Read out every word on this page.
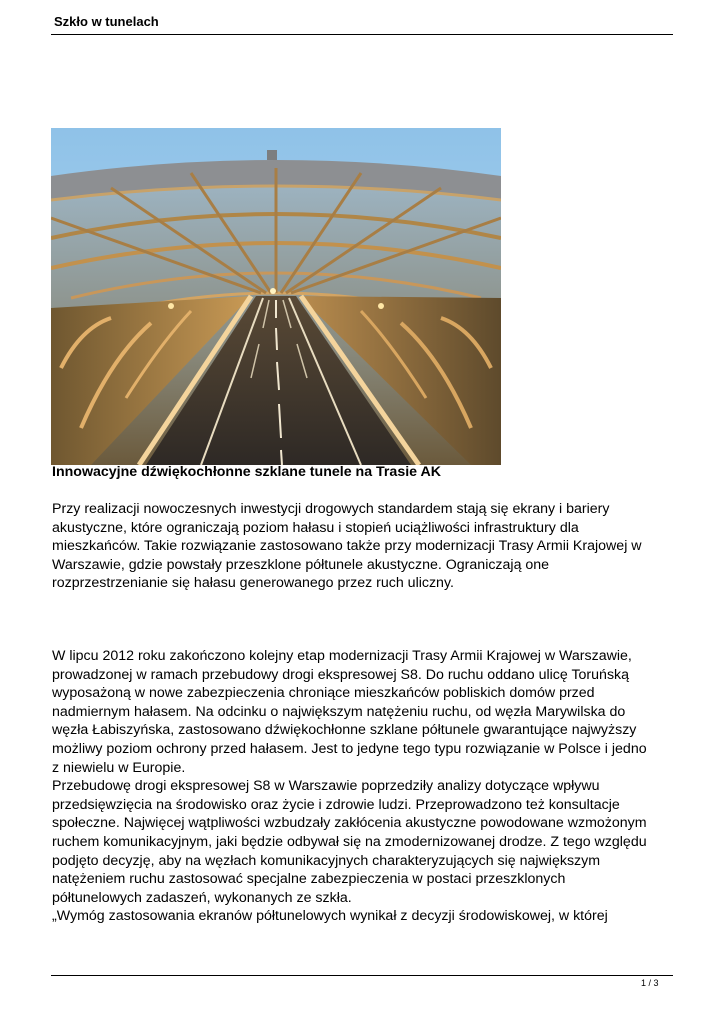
Szkło w tunelach
Innowacyjne dźwiękochłonne szklane tunele na Trasie AK
Przy realizacji nowoczesnych inwestycji drogowych standardem stają się ekrany i bariery
akustyczne, które ograniczają poziom hałasu i stopień uciążliwości infrastruktury dla
mieszkańców. Takie rozwiązanie zastosowano także przy modernizacji Trasy Armii Krajowej w
Warszawie, gdzie powstały przeszklone półtunele akustyczne. Ograniczają one
rozprzestrzenianie się hałasu generowanego przez ruch uliczny.
W lipcu 2012 roku zakończono kolejny etap modernizacji Trasy Armii Krajowej w Warszawie,
prowadzonej w ramach przebudowy drogi ekspresowej S8. Do ruchu oddano ulicę Toruńską
wyposażoną w nowe zabezpieczenia chroniące mieszkańców pobliskich domów przed
nadmiernym hałasem. Na odcinku o największym natężeniu ruchu, od węzła Marywilska do
węzła Łabiszyńska, zastosowano dźwiękochłonne szklane półtunele gwarantujące najwyższy
możliwy poziom ochrony przed hałasem. Jest to jedyne tego typu rozwiązanie w Polsce i jedno
z niewielu w Europie.
Przebudowę drogi ekspresowej S8 w Warszawie poprzedziły analizy dotyczące wpływu
przedsięwzięcia na środowisko oraz życie i zdrowie ludzi. Przeprowadzono też konsultacje
społeczne. Najwięcej wątpliwości wzbudzały zakłócenia akustyczne powodowane wzmożonym
ruchem komunikacyjnym, jaki będzie odbywał się na zmodernizowanej drodze. Z tego względu
podjęto decyzję, aby na węzłach komunikacyjnych charakteryzujących się największym
natężeniem ruchu zastosować specjalne zabezpieczenia w postaci przeszklonych
półtunelowych zadaszeń, wykonanych ze szkła.
„Wymóg zastosowania ekranów półtunelowych wynikał z decyzji środowiskowej, w której
1 / 3
